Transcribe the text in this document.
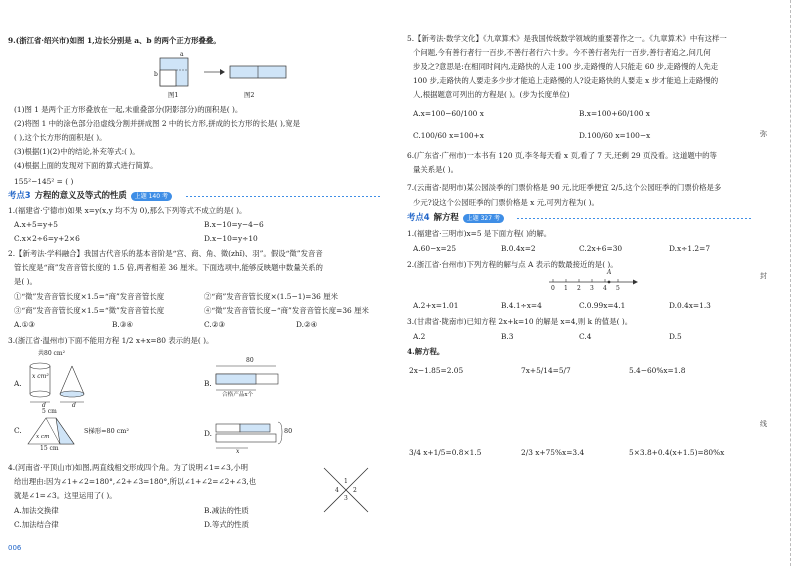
9.(浙江省·绍兴市)如图 1,边长分别是 a、b 的两个正方形叠叠。
a
b
图1	图2
(1)图 1 是两个正方形叠放在一起,未重叠部分(阴影部分)的面积是( )。
(2)将图 1 中的涂色部分沿虚线分割并拼成图 2 中的长方形,拼成的长方形的长是( ),宽是
( ),这个长方形的面积是( )。
(3)根据(1)(2)中的结论,补充等式:( )。
(4)根据上面的发现对下面的算式进行简算。
155²−145² = ( )
考点3 方程的意义及等式的性质	上题 140 考
1.(福建省·宁德市)如果 x=y(x,y 均不为 0),那么下列等式不成立的是( )。
A.x+5=y+5	B.x−10=y−4−6
C.x×2÷6=y+2×6	D.x−10=y÷10
2.【新考法·学科融合】我国古代音乐的基本音阶是“宫、商、角、徵(zhǐ)、羽”。假设“徵”发音音
管长度是“商”发音音管长度的 1.5 倍,两者相差 36 厘米。下面选项中,能够反映题中数量关系的
是( )。
①“徵”发音音管长度×1.5=“商”发音音管长度	②“商”发音音管长度×(1.5−1)=36 厘米
③“商”发音音管长度×1.5=“徵”发音音管长度	④“徵”发音音管长度−“商”发音音管长度=36 厘米
A.①③	B.③④	C.②③	D.②④
3.(浙江省·温州市)下面不能用方程 1/2 x+x=80 表示的是( )。
A.
共80 cm²
x cm²
d	d
B.
80
合格产品x个
C.
5 cm
x cm
15 cm
S梯形=80 cm²	D.	80
x
4.(河南省·平顶山市)如图,两直线相交形成四个角。为了说明∠1=∠3,小明
给出理由:因为∠1+∠2=180°,∠2+∠3=180°,所以∠1+∠2=∠2+∠3,也
就是∠1=∠3。这里运用了( )。
A.加法交换律	B.减法的性质
C.加法结合律	D.等式的性质
1
2
3
4
006
5.【新考法·数学文化】《九章算术》是我国传统数学领域的重要著作之一。《九章算术》中有这样一
个问题,今有善行者行一百步,不善行者行六十步。今不善行者先行一百步,善行者追之,问几何
步及之?意思是:在相同时间内,走路快的人走 100 步,走路慢的人只能走 60 步,走路慢的人先走
100 步,走路快的人要走多少步才能追上走路慢的人?设走路快的人要走 x 步才能追上走路慢的
人,根据题意可列出的方程是( )。(步为长度单位)
A.x=100−60/100 x	B.x=100+60/100 x
C.100/60 x=100+x	D.100/60 x=100−x
6.(广东省·广州市)一本书有 120 页,李冬每天看 x 页,看了 7 天,还剩 29 页没看。这道题中的等
量关系是( )。
7.(云南省·昆明市)某公园淡季的门票价格是 90 元,比旺季便宜 2/5,这个公园旺季的门票价格是多
少元?设这个公园旺季的门票价格是 x 元,可列方程为( )。
考点4 解方程	上题 327 考
1.(福建省·三明市)x=5 是下面方程( )的解。
A.60−x=25	B.0.4x=2	C.2x+6=30	D.x÷1.2=7
2.(浙江省·台州市)下列方程的解与点 A 表示的数最接近的是( )。
0 1 2 3 4 5
A
A.2+x=1.01	B.4.1÷x=4	C.0.99x=4.1	D.0.4x=1.3
3.(甘肃省·陇南市)已知方程 2x+k=10 的解是 x=4,则 k 的值是( )。
A.2	B.3	C.4	D.5
4.解方程。
2x−1.85=2.05	7x+5/14=5/7	5.4−60%x=1.8
3/4 x+1/5=0.8×1.5	2/3 x+75%x=3.4	5×3.8+0.4(x+1.5)=80%x
弥
封
线
